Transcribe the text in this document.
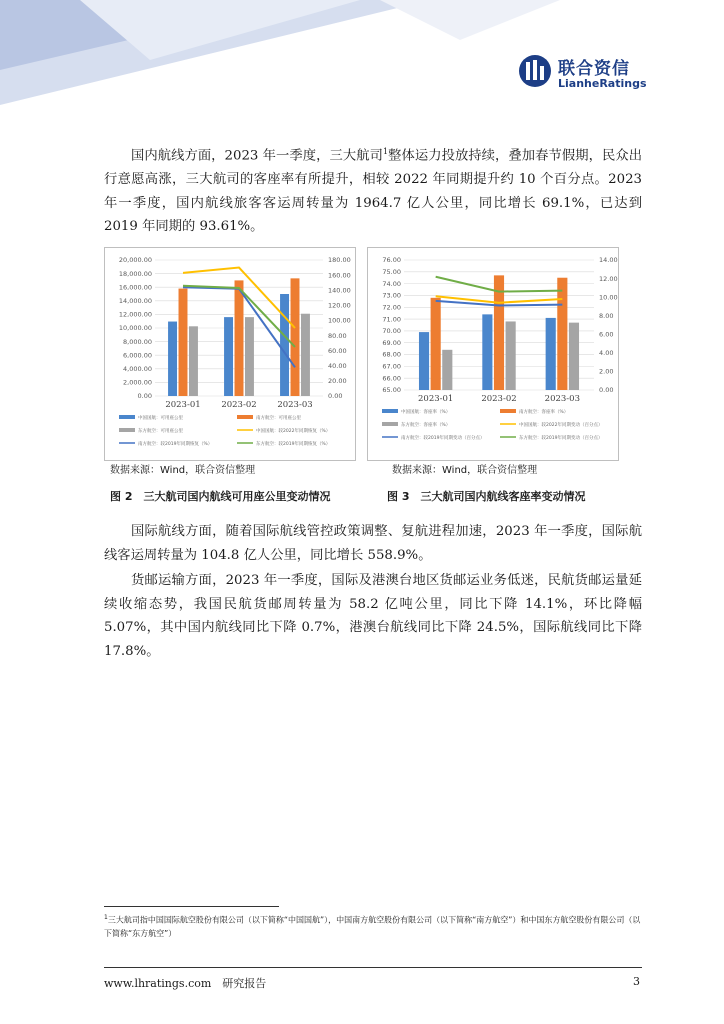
联合资信
LianheRatings

国内航线方面，2023 年一季度，三大航司$^1$整体运力投放持续，叠加春节假期，民众出行意愿高涨，三大航司的客座率有所提升，相较 2022 年同期提升约 10 个百分点。2023 年一季度，国内航线旅客客运周转量为 1964.7 亿人公里，同比增长 69.1%，已达到 2019 年同期的 93.61%。

0.00
2,000.00
4,000.00
6,000.00
8,000.00
10,000.00
12,000.00
14,000.00
16,000.00
18,000.00
20,000.00
0.00
20.00
40.00
60.00
80.00
100.00
120.00
140.00
160.00
180.00
2023-01 2023-02 2023-03
中国国航：可用座公里	南方航空：可用座公里
东方航空：可用座公里	中国国航：较2022年同期恢复（%）
南方航空：较2019年同期恢复（%）	东方航空：较2019年同期恢复（%）
65.00
66.00
67.00
68.00
69.00
70.00
71.00
72.00
73.00
74.00
75.00
76.00
0.00
2.00
4.00
6.00
8.00
10.00
12.00
14.00
2023-01	2023-02	2023-03
中国国航：客座率（%）	南方航空：客座率（%）
东方航空：客座率（%）	中国国航：较2022年同期变动（百分点）
南方航空：较2019年同期变动（百分点）	东方航空：较2019年同期变动（百分点）
数据来源：Wind，联合资信整理	数据来源：Wind，联合资信整理
图 2　三大航司国内航线可用座公里变动情况	图 3　三大航司国内航线客座率变动情况

国际航线方面，随着国际航线管控政策调整、复航进程加速，2023 年一季度，国际航线客运周转量为 104.8 亿人公里，同比增长 558.9%。

货邮运输方面，2023 年一季度，国际及港澳台地区货邮运业务低迷，民航货邮运量延续收缩态势，我国民航货邮周转量为 58.2 亿吨公里，同比下降 14.1%，环比降幅 5.07%，其中国内航线同比下降 0.7%，港澳台航线同比下降 24.5%，国际航线同比下降 17.8%。

$^1$三大航司指中国国际航空股份有限公司（以下简称“中国国航”），中国南方航空股份有限公司（以下简称“南方航空”）和中国东方航空股份有限公司（以下简称“东方航空”）
www.lhratings.com　研究报告	3
